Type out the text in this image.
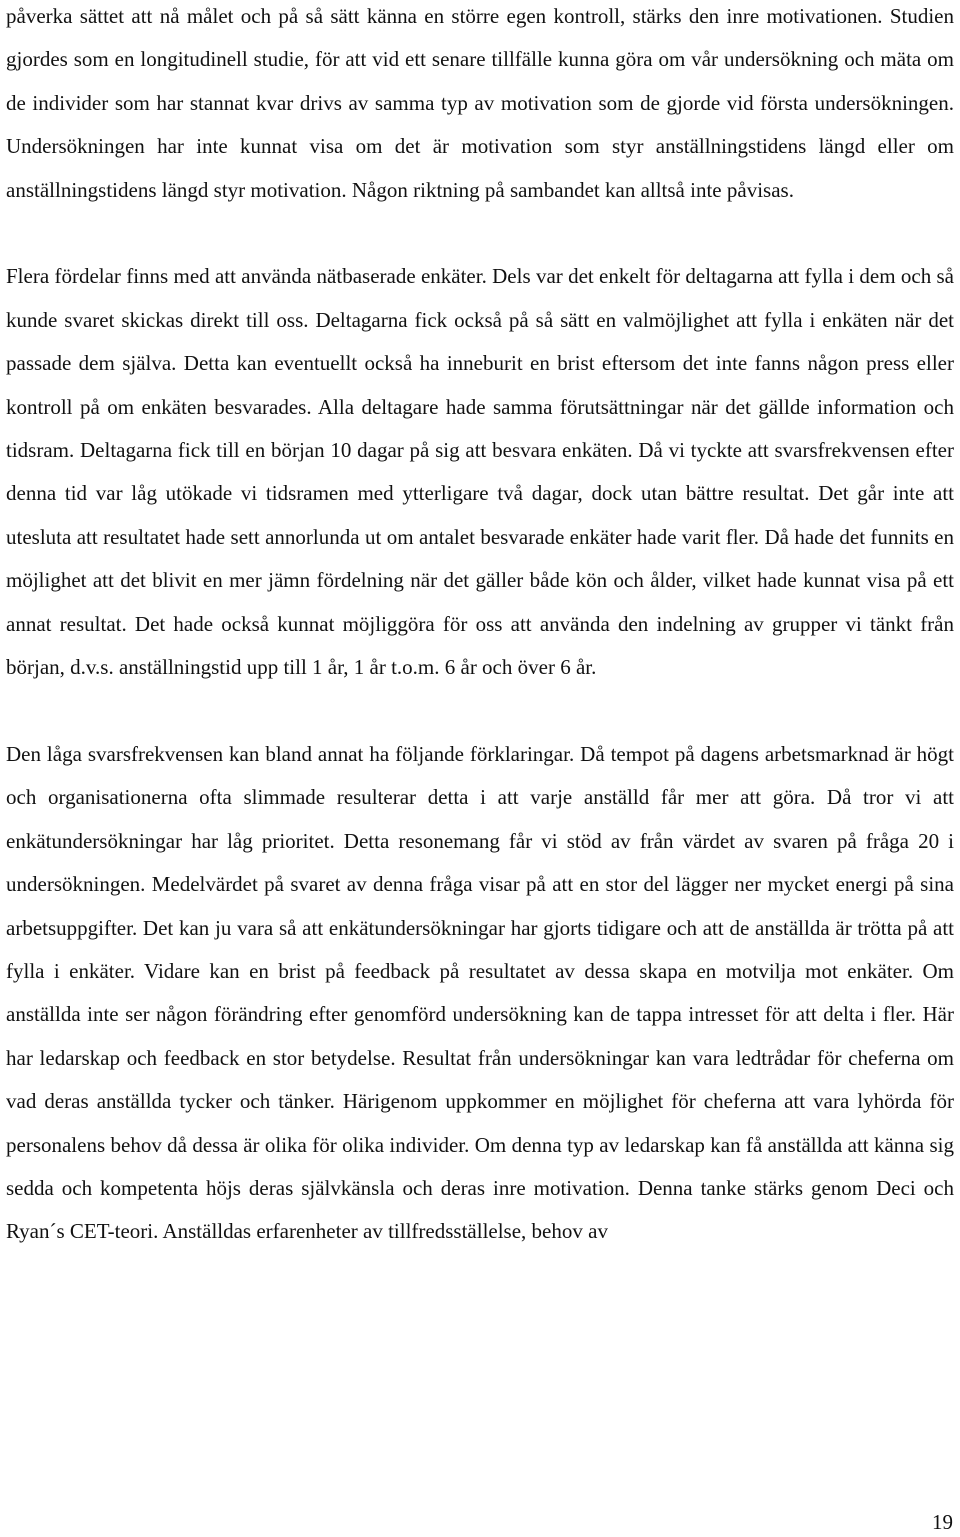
påverka sättet att nå målet och på så sätt känna en större egen kontroll, stärks den inre motivationen. Studien gjordes som en longitudinell studie, för att vid ett senare tillfälle kunna göra om vår undersökning och mäta om de individer som har stannat kvar drivs av samma typ av motivation som de gjorde vid första undersökningen. Undersökningen har inte kunnat visa om det är motivation som styr anställningstidens längd eller om anställningstidens längd styr motivation. Någon riktning på sambandet kan alltså inte påvisas.

Flera fördelar finns med att använda nätbaserade enkäter. Dels var det enkelt för deltagarna att fylla i dem och så kunde svaret skickas direkt till oss. Deltagarna fick också på så sätt en valmöjlighet att fylla i enkäten när det passade dem själva. Detta kan eventuellt också ha inneburit en brist eftersom det inte fanns någon press eller kontroll på om enkäten besvarades. Alla deltagare hade samma förutsättningar när det gällde information och tidsram. Deltagarna fick till en början 10 dagar på sig att besvara enkäten. Då vi tyckte att svarsfrekvensen efter denna tid var låg utökade vi tidsramen med ytterligare två dagar, dock utan bättre resultat. Det går inte att utesluta att resultatet hade sett annorlunda ut om antalet besvarade enkäter hade varit fler. Då hade det funnits en möjlighet att det blivit en mer jämn fördelning när det gäller både kön och ålder, vilket hade kunnat visa på ett annat resultat. Det hade också kunnat möjliggöra för oss att använda den indelning av grupper vi tänkt från början, d.v.s. anställningstid upp till 1 år, 1 år t.o.m. 6 år och över 6 år.

Den låga svarsfrekvensen kan bland annat ha följande förklaringar. Då tempot på dagens arbetsmarknad är högt och organisationerna ofta slimmade resulterar detta i att varje anställd får mer att göra. Då tror vi att enkätundersökningar har låg prioritet. Detta resonemang får vi stöd av från värdet av svaren på fråga 20 i undersökningen. Medelvärdet på svaret av denna fråga visar på att en stor del lägger ner mycket energi på sina arbetsuppgifter. Det kan ju vara så att enkätundersökningar har gjorts tidigare och att de anställda är trötta på att fylla i enkäter. Vidare kan en brist på feedback på resultatet av dessa skapa en motvilja mot enkäter. Om anställda inte ser någon förändring efter genomförd undersökning kan de tappa intresset för att delta i fler. Här har ledarskap och feedback en stor betydelse. Resultat från undersökningar kan vara ledtrådar för cheferna om vad deras anställda tycker och tänker. Härigenom uppkommer en möjlighet för cheferna att vara lyhörda för personalens behov då dessa är olika för olika individer. Om denna typ av ledarskap kan få anställda att känna sig sedda och kompetenta höjs deras självkänsla och deras inre motivation. Denna tanke stärks genom Deci och Ryan´s CET-teori. Anställdas erfarenheter av tillfredsställelse, behov av

19
